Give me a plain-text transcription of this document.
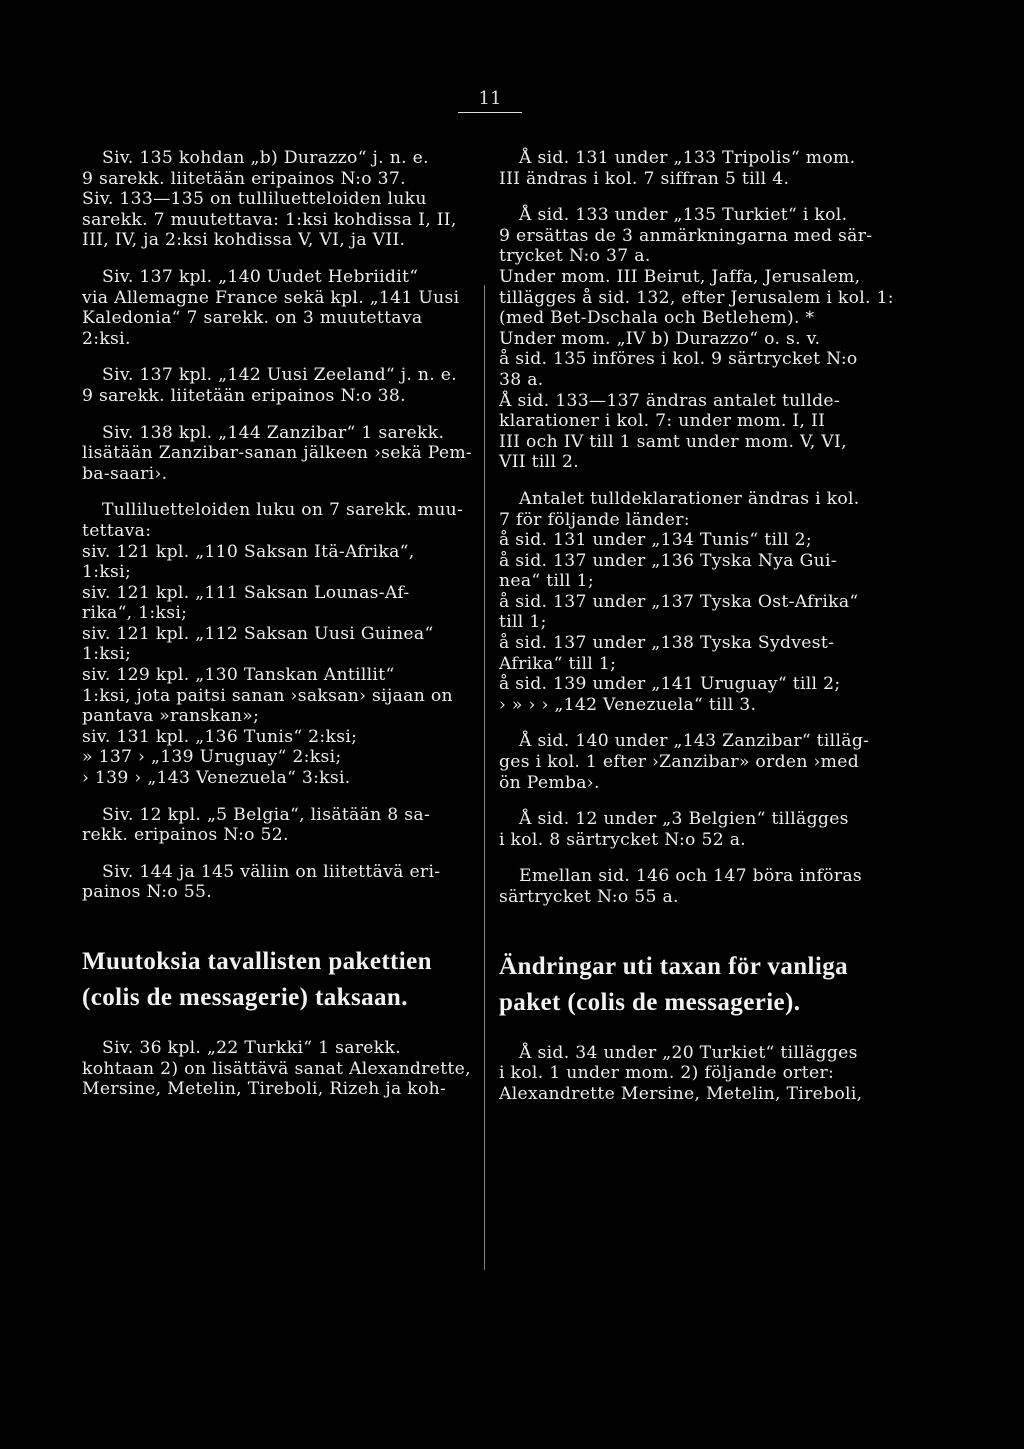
11
Siv. 135 kohdan „b) Durazzo“ j. n. e.
9 sarekk. liitetään eripainos N:o 37.
Siv. 133—135 on tulliluetteloiden luku
sarekk. 7 muutettava: 1:ksi kohdissa I, II,
III, IV, ja 2:ksi kohdissa V, VI, ja VII.
Siv. 137 kpl. „140 Uudet Hebriidit“
via Allemagne France sekä kpl. „141 Uusi
Kaledonia“ 7 sarekk. on 3 muutettava
2:ksi.
Siv. 137 kpl. „142 Uusi Zeeland“ j. n. e.
9 sarekk. liitetään eripainos N:o 38.
Siv. 138 kpl. „144 Zanzibar“ 1 sarekk.
lisätään Zanzibar-sanan jälkeen ›sekä Pem-
ba-saari›.
Tulliluetteloiden luku on 7 sarekk. muu-
tettava:
siv. 121 kpl. „110 Saksan Itä-Afrika“,
1:ksi;
siv. 121 kpl. „111 Saksan Lounas-Af-
rika“, 1:ksi;
siv. 121 kpl. „112 Saksan Uusi Guinea“
1:ksi;
siv. 129 kpl. „130 Tanskan Antillit“
1:ksi, jota paitsi sanan ›saksan› sijaan on
pantava »ranskan»;
siv. 131 kpl. „136 Tunis“ 2:ksi;
» 137 › „139 Uruguay“ 2:ksi;
› 139 › „143 Venezuela“ 3:ksi.
Siv. 12 kpl. „5 Belgia“, lisätään 8 sa-
rekk. eripainos N:o 52.
Siv. 144 ja 145 väliin on liitettävä eri-
painos N:o 55.
Muutoksia tavallisten pakettien
(colis de messagerie) taksaan.
Siv. 36 kpl. „22 Turkki“ 1 sarekk.
kohtaan 2) on lisättävä sanat Alexandrette,
Mersine, Metelin, Tireboli, Rizeh ja koh-
Å sid. 131 under „133 Tripolis“ mom.
III ändras i kol. 7 siffran 5 till 4.
Å sid. 133 under „135 Turkiet“ i kol.
9 ersättas de 3 anmärkningarna med sär-
trycket N:o 37 a.
Under mom. III Beirut, Jaffa, Jerusalem,
tillägges å sid. 132, efter Jerusalem i kol. 1:
(med Bet-Dschala och Betlehem). *
Under mom. „IV b) Durazzo“ o. s. v.
å sid. 135 införes i kol. 9 särtrycket N:o
38 a.
Å sid. 133—137 ändras antalet tullde-
klarationer i kol. 7: under mom. I, II
III och IV till 1 samt under mom. V, VI,
VII till 2.
Antalet tulldeklarationer ändras i kol.
7 för följande länder:
å sid. 131 under „134 Tunis“ till 2;
å sid. 137 under „136 Tyska Nya Gui-
nea“ till 1;
å sid. 137 under „137 Tyska Ost-Afrika“
till 1;
å sid. 137 under „138 Tyska Sydvest-
Afrika“ till 1;
å sid. 139 under „141 Uruguay“ till 2;
› » › › „142 Venezuela“ till 3.
Å sid. 140 under „143 Zanzibar“ tilläg-
ges i kol. 1 efter ›Zanzibar» orden ›med
ön Pemba›.
Å sid. 12 under „3 Belgien“ tillägges
i kol. 8 särtrycket N:o 52 a.
Emellan sid. 146 och 147 böra införas
särtrycket N:o 55 a.
Ändringar uti taxan för vanliga
paket (colis de messagerie).
Å sid. 34 under „20 Turkiet“ tillägges
i kol. 1 under mom. 2) följande orter:
Alexandrette Mersine, Metelin, Tireboli,
